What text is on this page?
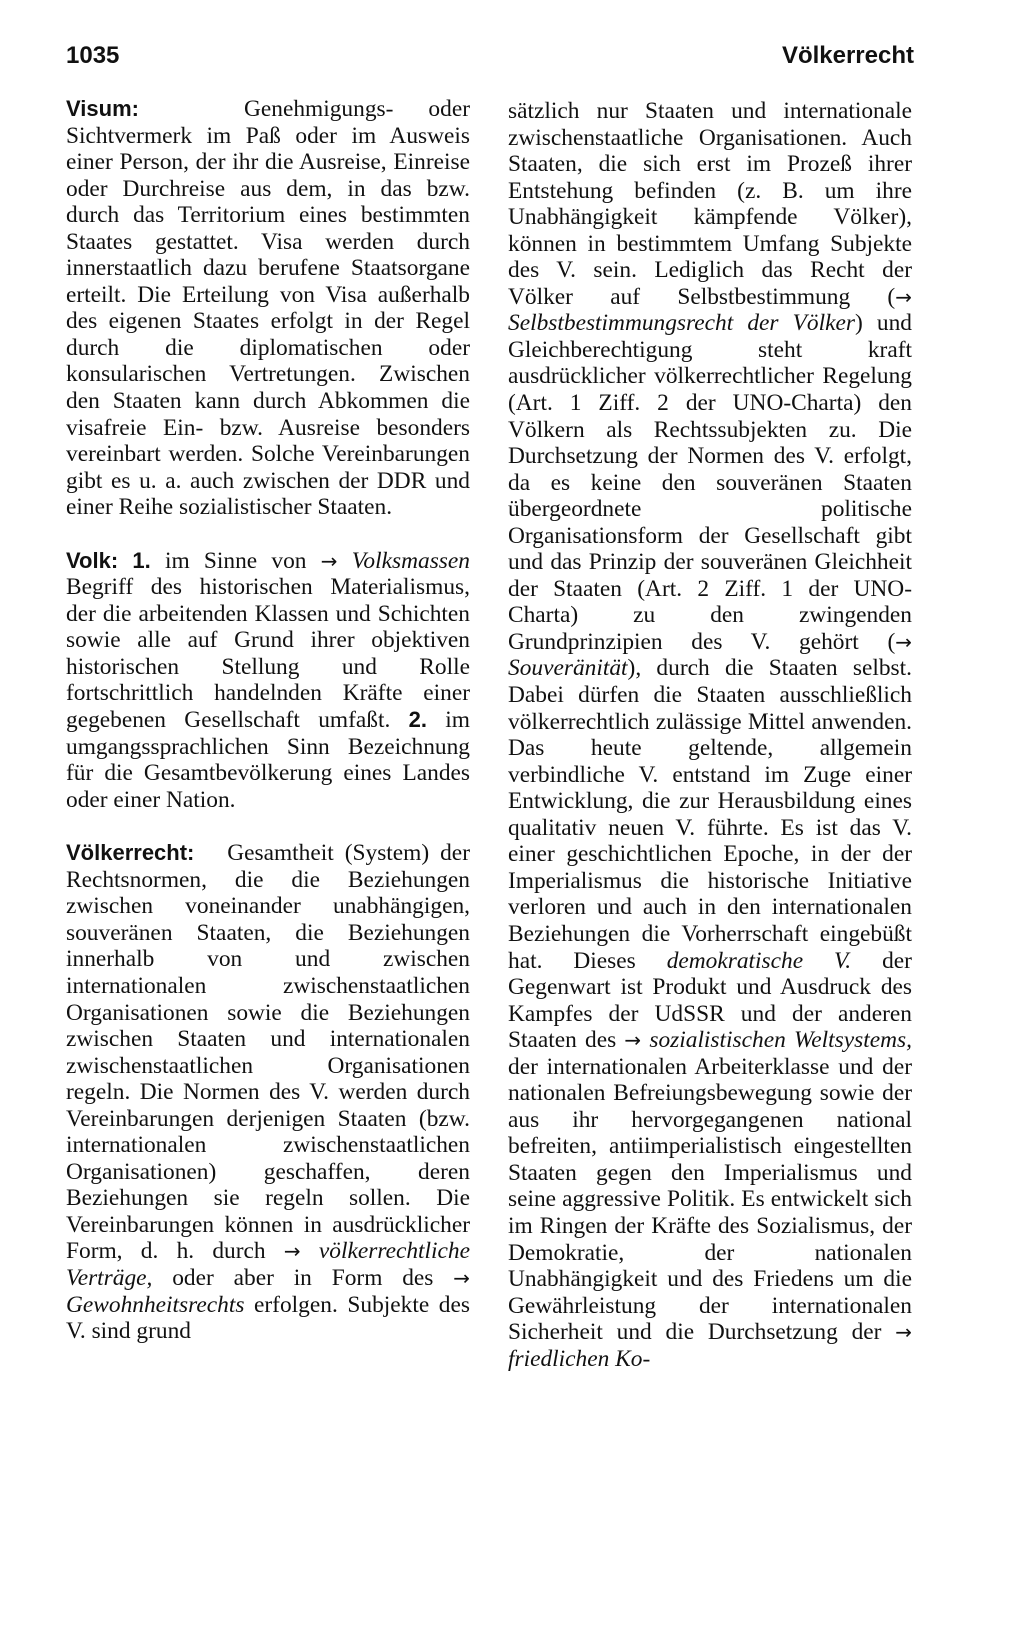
1035	Völkerrecht

Visum:	Genehmigungs- oder Sichtvermerk im Paß oder im Ausweis einer Person, der ihr die Ausreise, Einreise oder Durchreise aus dem, in das bzw. durch das Territorium eines bestimmten Staates gestattet. Visa werden durch innerstaatlich dazu berufene Staatsorgane erteilt. Die Erteilung von Visa außerhalb des eigenen Staates erfolgt in der Regel durch die diplomatischen oder konsularischen Vertretungen. Zwischen den Staaten kann durch Abkommen die visafreie Ein- bzw. Ausreise besonders vereinbart werden. Solche Vereinbarungen gibt es u. a. auch zwischen der DDR und einer Reihe sozialistischer Staaten.

Volk: 1. im Sinne von → Volksmassen Begriff des historischen Materialismus, der die arbeitenden Klassen und Schichten sowie alle auf Grund ihrer objektiven historischen Stellung und Rolle fortschrittlich handelnden Kräfte einer gegebenen Gesellschaft umfaßt. 2. im umgangssprachlichen Sinn Bezeichnung für die Gesamtbevölkerung eines Landes oder einer Nation.

Völkerrecht: Gesamtheit (System) der Rechtsnormen, die die Beziehungen zwischen voneinander unabhängigen, souveränen Staaten, die Beziehungen innerhalb von und zwischen internationalen zwischenstaatlichen Organisationen sowie die Beziehungen zwischen Staaten und internationalen zwischenstaatlichen Organisationen regeln. Die Normen des V. werden durch Vereinbarungen derjenigen Staaten (bzw. internationalen zwischenstaatlichen Organisationen) geschaffen, deren Beziehungen sie regeln sollen. Die Vereinbarungen können in ausdrücklicher Form, d. h. durch → völkerrechtliche Verträge, oder aber in Form des → Gewohnheitsrechts erfolgen. Subjekte des V. sind grund

sätzlich nur Staaten und internationale zwischenstaatliche Organisationen. Auch Staaten, die sich erst im Prozeß ihrer Entstehung befinden (z. B. um ihre Unabhängigkeit kämpfende Völker), können in bestimmtem Umfang Subjekte des V. sein. Lediglich das Recht der Völker auf Selbstbestimmung (→ Selbstbestimmungsrecht der Völker) und Gleichberechtigung steht kraft ausdrücklicher völkerrechtlicher Regelung (Art. 1 Ziff. 2 der UNO-Charta) den Völkern als Rechtssubjekten zu. Die Durchsetzung der Normen des V. erfolgt, da es keine den souveränen Staaten übergeordnete politische Organisationsform der Gesellschaft gibt und das Prinzip der souveränen Gleichheit der Staaten (Art. 2 Ziff. 1 der UNO-Charta) zu den zwingenden Grundprinzipien des V. gehört (→ Souveränität), durch die Staaten selbst. Dabei dürfen die Staaten ausschließlich völkerrechtlich zulässige Mittel anwenden. Das heute geltende, allgemein verbindliche V. entstand im Zuge einer Entwicklung, die zur Herausbildung eines qualitativ neuen V. führte. Es ist das V. einer geschichtlichen Epoche, in der der Imperialismus die historische Initiative verloren und auch in den internationalen Beziehungen die Vorherrschaft eingebüßt hat. Dieses demokratische V. der Gegenwart ist Produkt und Ausdruck des Kampfes der UdSSR und der anderen Staaten des → sozialistischen Weltsystems, der internationalen Arbeiterklasse und der nationalen Befreiungsbewegung sowie der aus ihr hervorgegangenen national befreiten, antiimperialistisch eingestellten Staaten gegen den Imperialismus und seine aggressive Politik. Es entwickelt sich im Ringen der Kräfte des Sozialismus, der Demokratie, der nationalen Unabhängigkeit und des Friedens um die Gewährleistung der internationalen Sicherheit und die Durchsetzung der → friedlichen Ko-
